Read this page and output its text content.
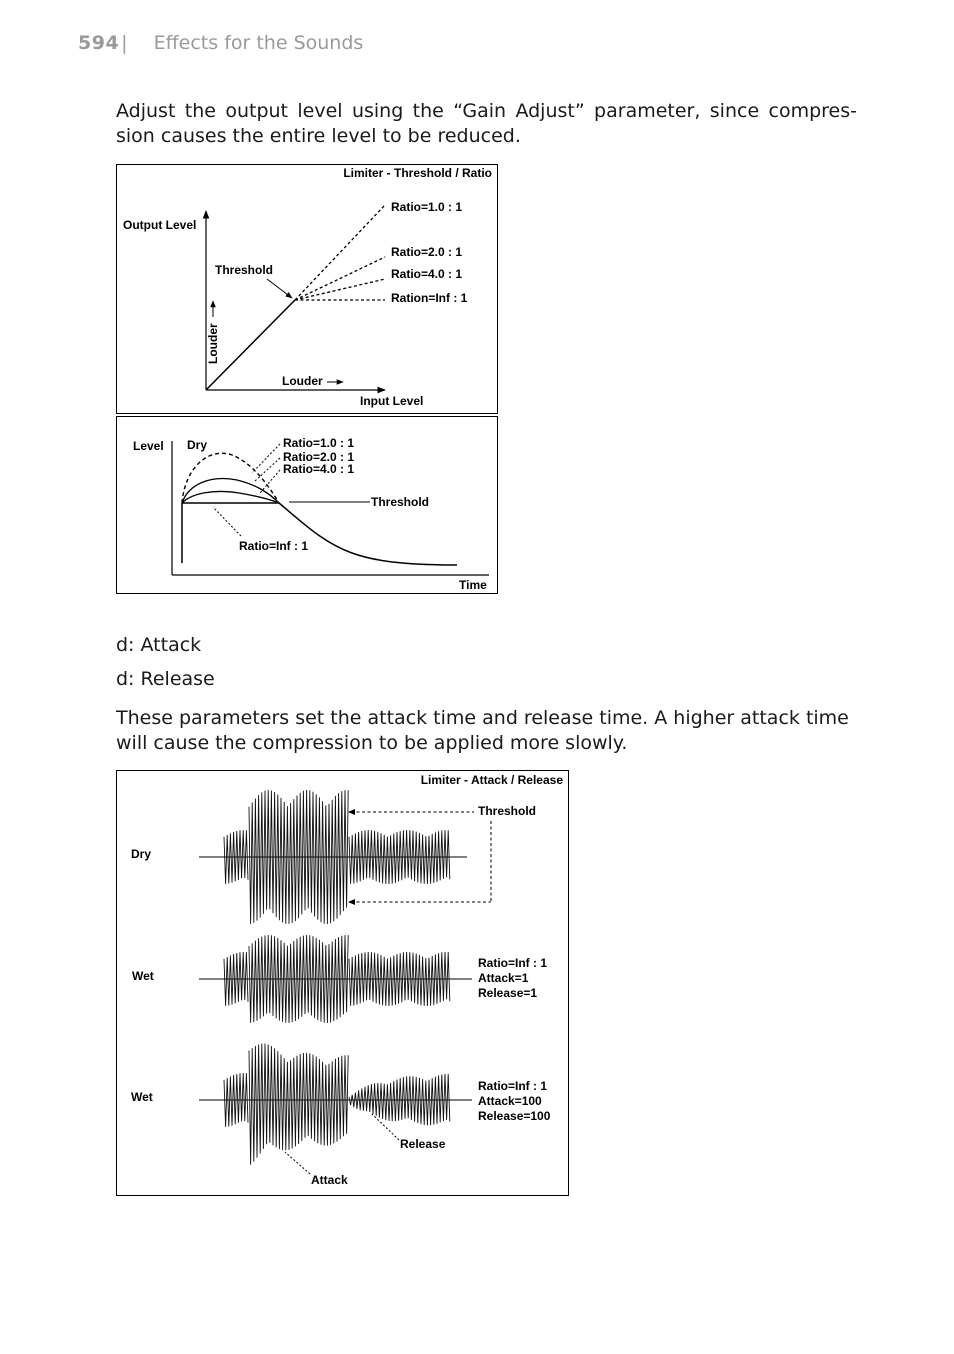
594 | Effects for the Sounds
Adjust the output level using the “Gain Adjust” parameter, since compres-sion causes the entire level to be reduced.
Limiter - Threshold / Ratio
Output Level
Input Level
Louder
Louder
Ratio=1.0 : 1
Ratio=2.0 : 1
Ratio=4.0 : 1
Ration=Inf : 1
Threshold
Level Dry
Time
Threshold
Ratio=1.0 : 1
Ratio=2.0 : 1
Ratio=4.0 : 1
Ratio=Inf : 1
d: Attack
d: Release
These parameters set the attack time and release time. A higher attack time will cause the compression to be applied more slowly.
Limiter - Attack / Release
Dry
Wet
Wet
Threshold
Ratio=Inf : 1
Attack=1
Release=1
Ratio=Inf : 1
Attack=100
Release=100
Release
Attack
